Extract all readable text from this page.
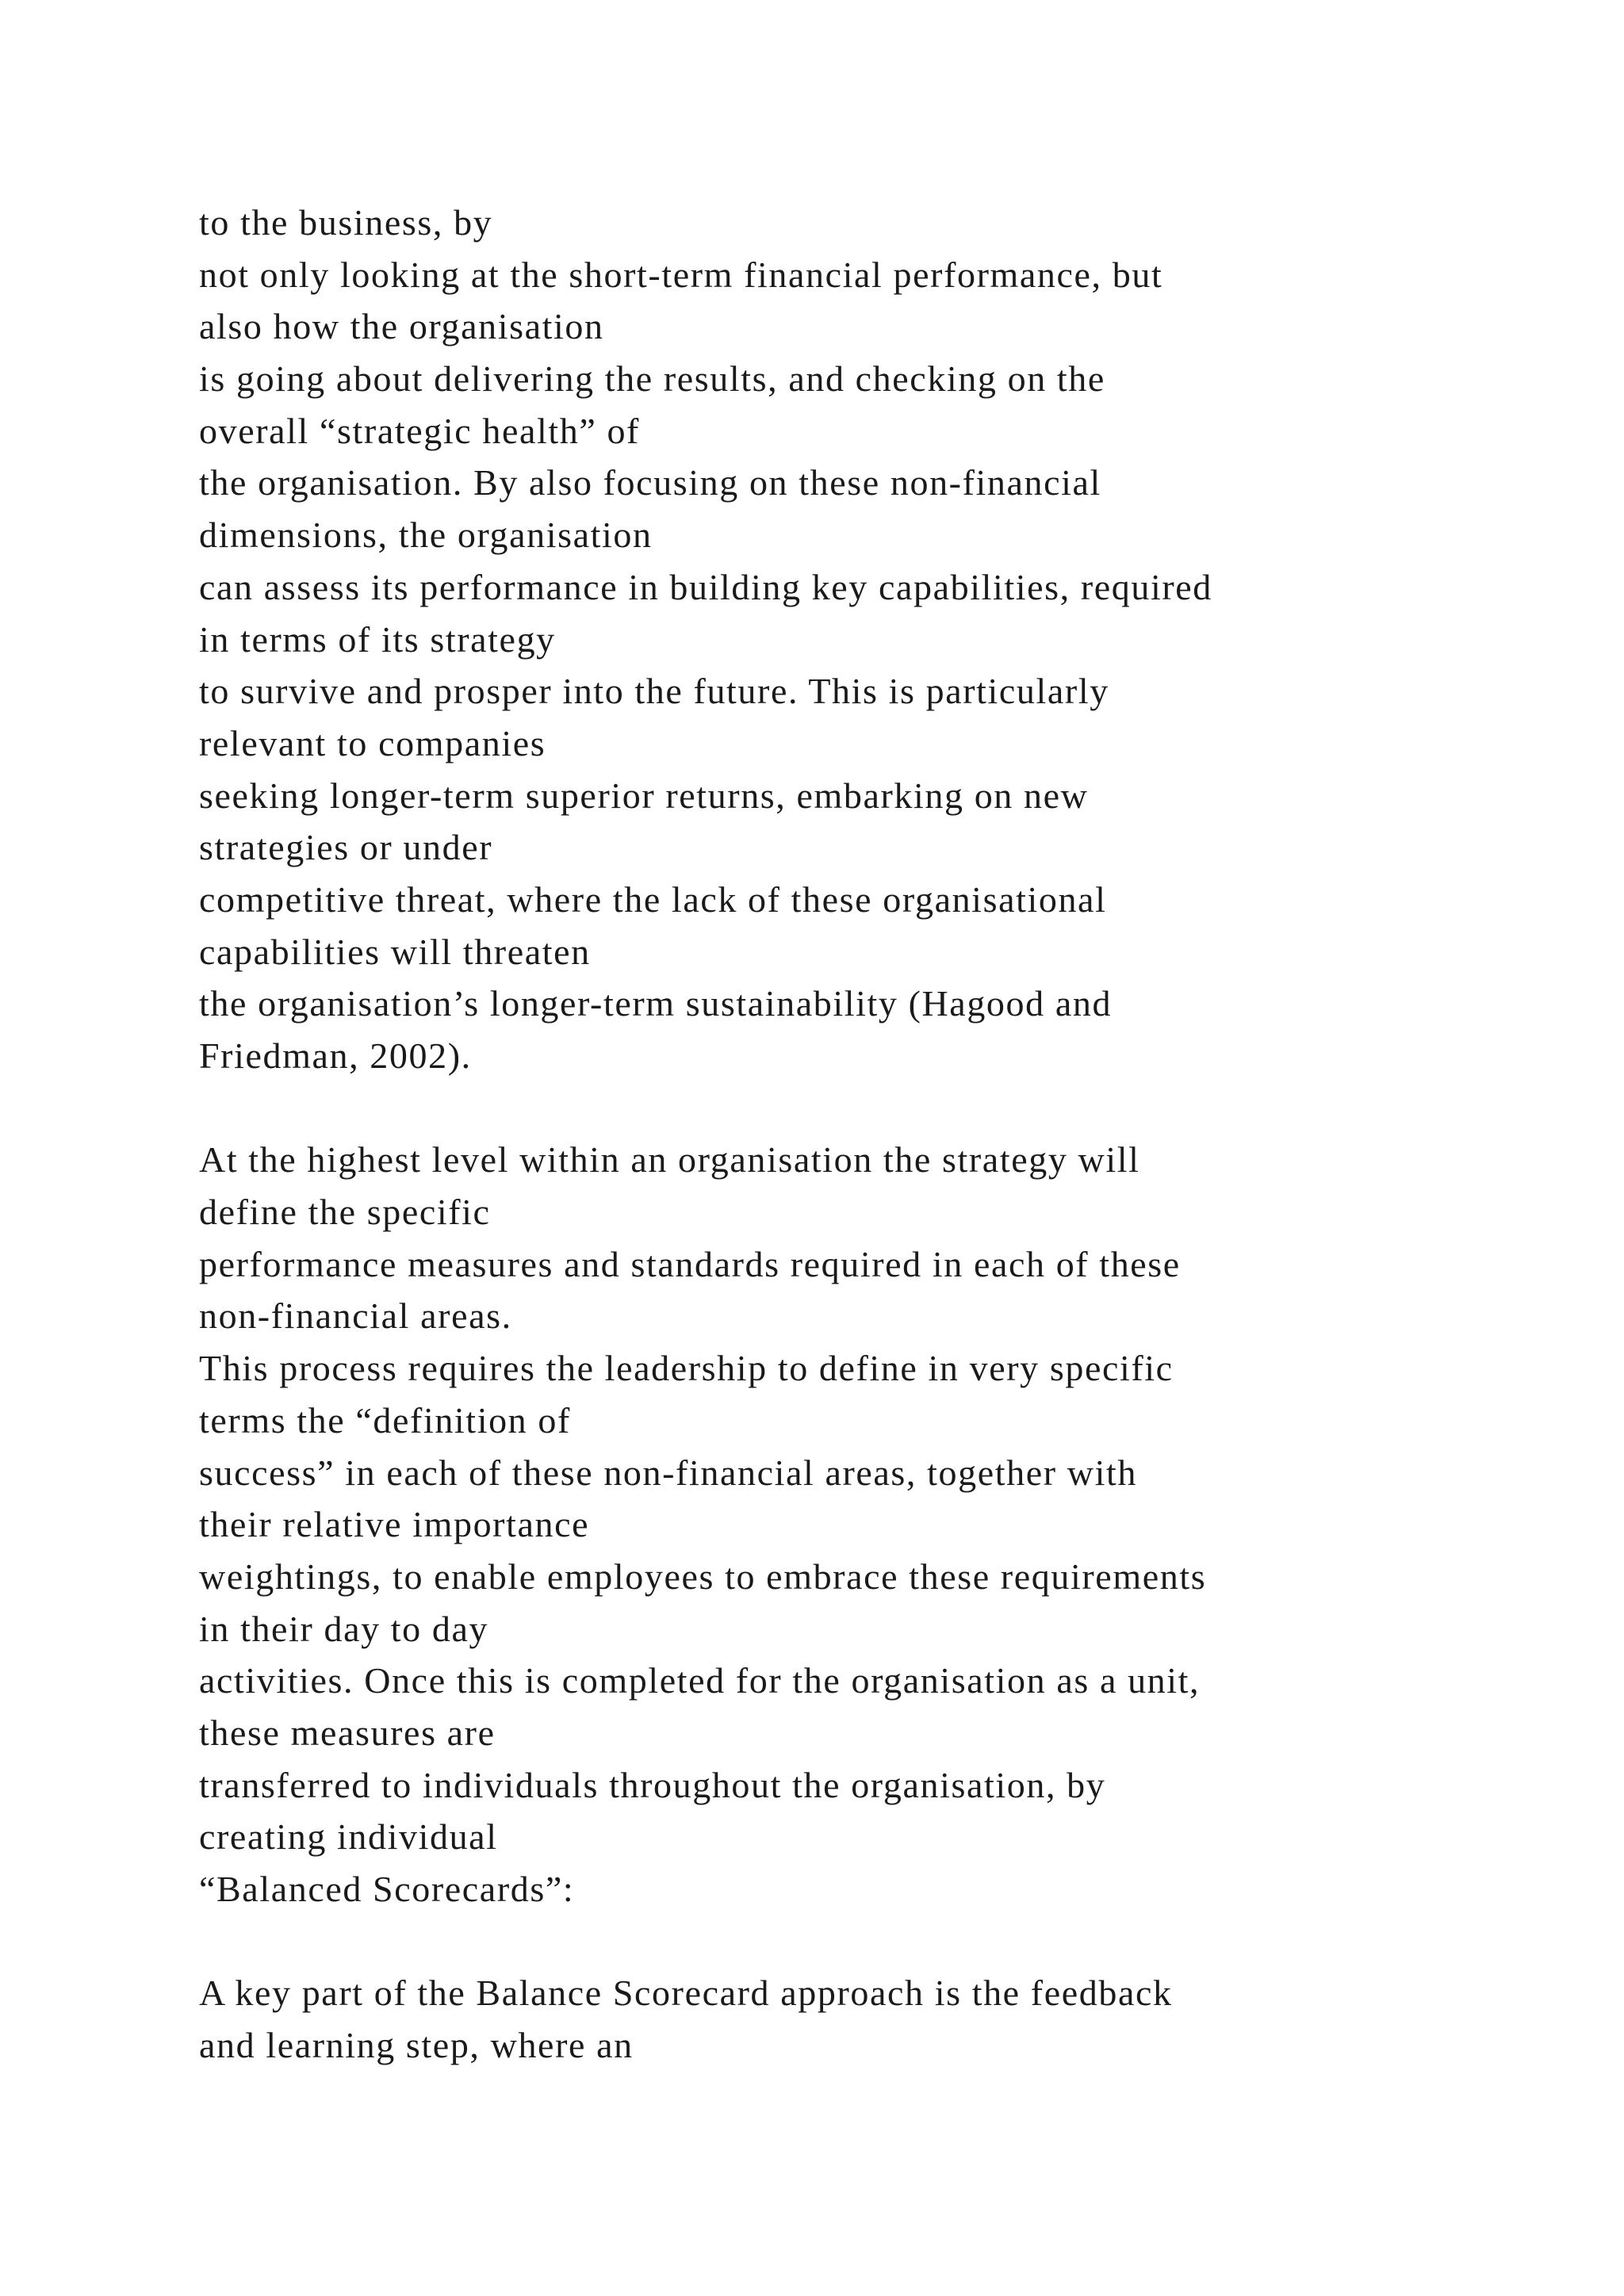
to the business, by
not only looking at the short-term financial performance, but
also how the organisation
is going about delivering the results, and checking on the
overall “strategic health” of
the organisation. By also focusing on these non-financial
dimensions, the organisation
can assess its performance in building key capabilities, required
in terms of its strategy
to survive and prosper into the future. This is particularly
relevant to companies
seeking longer-term superior returns, embarking on new
strategies or under
competitive threat, where the lack of these organisational
capabilities will threaten
the organisation’s longer-term sustainability (Hagood and
Friedman, 2002).
At the highest level within an organisation the strategy will
define the specific
performance measures and standards required in each of these
non-financial areas.
This process requires the leadership to define in very specific
terms the “definition of
success” in each of these non-financial areas, together with
their relative importance
weightings, to enable employees to embrace these requirements
in their day to day
activities. Once this is completed for the organisation as a unit,
these measures are
transferred to individuals throughout the organisation, by
creating individual
“Balanced Scorecards”:
A key part of the Balance Scorecard approach is the feedback
and learning step, where an
